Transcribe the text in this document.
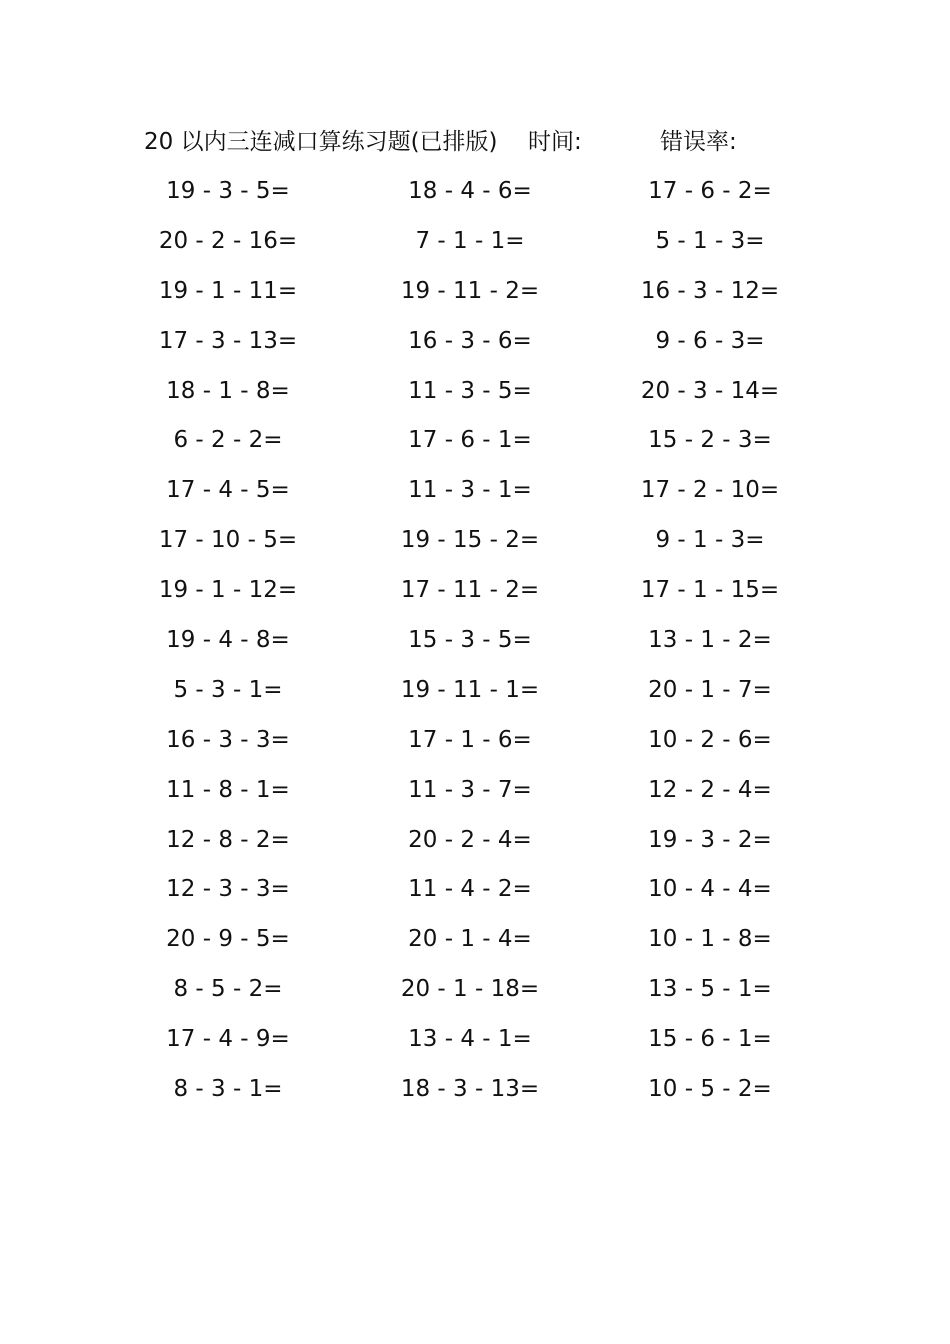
20 以内三连减口算练习题(已排版) 时间:	错误率:
19 - 3 - 5=	18 - 4 - 6=	17 - 6 - 2=
20 - 2 - 16=	7 - 1 - 1=	5 - 1 - 3=
19 - 1 - 11=	19 - 11 - 2=	16 - 3 - 12=
17 - 3 - 13=	16 - 3 - 6=	9 - 6 - 3=
18 - 1 - 8=	11 - 3 - 5=	20 - 3 - 14=
6 - 2 - 2=	17 - 6 - 1=	15 - 2 - 3=
17 - 4 - 5=	11 - 3 - 1=	17 - 2 - 10=
17 - 10 - 5=	19 - 15 - 2=	9 - 1 - 3=
19 - 1 - 12=	17 - 11 - 2=	17 - 1 - 15=
19 - 4 - 8=	15 - 3 - 5=	13 - 1 - 2=
5 - 3 - 1=	19 - 11 - 1=	20 - 1 - 7=
16 - 3 - 3=	17 - 1 - 6=	10 - 2 - 6=
11 - 8 - 1=	11 - 3 - 7=	12 - 2 - 4=
12 - 8 - 2=	20 - 2 - 4=	19 - 3 - 2=
12 - 3 - 3=	11 - 4 - 2=	10 - 4 - 4=
20 - 9 - 5=	20 - 1 - 4=	10 - 1 - 8=
8 - 5 - 2=	20 - 1 - 18=	13 - 5 - 1=
17 - 4 - 9=	13 - 4 - 1=	15 - 6 - 1=
8 - 3 - 1=	18 - 3 - 13=	10 - 5 - 2=
